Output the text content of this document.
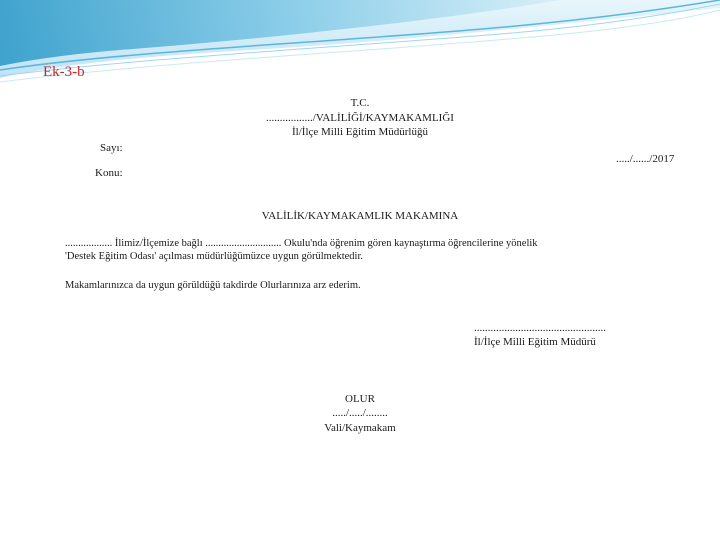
Ek-3-b
T.C.
................./VALİLİĞİ/KAYMAKAMLIĞI
İl/İlçe Milli Eğitim Müdürlüğü
Sayı:
...../....../2017
Konu:
VALİLİK/KAYMAKAMLIK MAKAMINA
.................. İlimiz/İlçemize bağlı ............................. Okulu'nda öğrenim gören kaynaştırma öğrencilerine yönelik
'Destek Eğitim Odası' açılması müdürlüğümüzce uygun görülmektedir.
Makamlarınızca da uygun görüldüğü takdirde Olurlarınıza arz ederim.
................................................
İl/İlçe Milli Eğitim Müdürü
OLUR
...../...../........
Vali/Kaymakam
